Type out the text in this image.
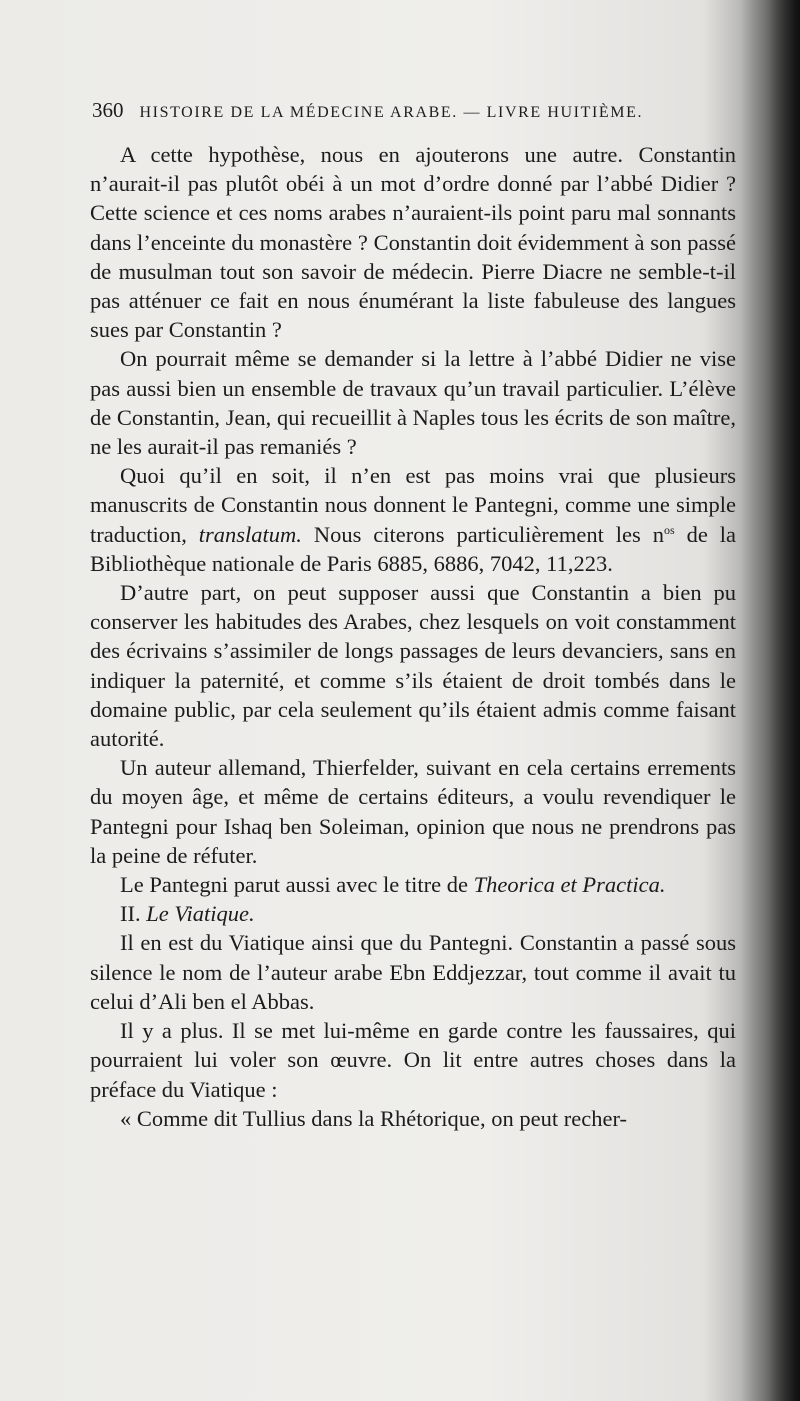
360 HISTOIRE DE LA MÉDECINE ARABE. — LIVRE HUITIÈME.

A cette hypothèse, nous en ajouterons une autre. Constantin n’aurait-il pas plutôt obéi à un mot d’ordre donné par l’abbé Didier ? Cette science et ces noms arabes n’auraient-ils point paru mal sonnants dans l’enceinte du monastère ? Constantin doit évidemment à son passé de musulman tout son savoir de médecin. Pierre Diacre ne semble-t-il pas atténuer ce fait en nous énumérant la liste fabuleuse des langues sues par Constantin ?

On pourrait même se demander si la lettre à l’abbé Didier ne vise pas aussi bien un ensemble de travaux qu’un travail particulier. L’élève de Constantin, Jean, qui recueillit à Naples tous les écrits de son maître, ne les aurait-il pas remaniés ?

Quoi qu’il en soit, il n’en est pas moins vrai que plusieurs manuscrits de Constantin nous donnent le Pantegni, comme une simple traduction, translatum. Nous citerons particulièrement les $n^{os}$ de la Bibliothèque nationale de Paris 6885, 6886, 7042, 11,223.

D’autre part, on peut supposer aussi que Constantin a bien pu conserver les habitudes des Arabes, chez lesquels on voit constamment des écrivains s’assimiler de longs passages de leurs devanciers, sans en indiquer la paternité, et comme s’ils étaient de droit tombés dans le domaine public, par cela seulement qu’ils étaient admis comme faisant autorité.

Un auteur allemand, Thierfelder, suivant en cela certains errements du moyen âge, et même de certains éditeurs, a voulu revendiquer le Pantegni pour Ishaq ben Soleiman, opinion que nous ne prendrons pas la peine de réfuter.

Le Pantegni parut aussi avec le titre de Theorica et Practica.

II. Le Viatique.

Il en est du Viatique ainsi que du Pantegni. Constantin a passé sous silence le nom de l’auteur arabe Ebn Eddjezzar, tout comme il avait tu celui d’Ali ben el Abbas.

Il y a plus. Il se met lui-même en garde contre les faussaires, qui pourraient lui voler son œuvre. On lit entre autres choses dans la préface du Viatique :

« Comme dit Tullius dans la Rhétorique, on peut recher-
